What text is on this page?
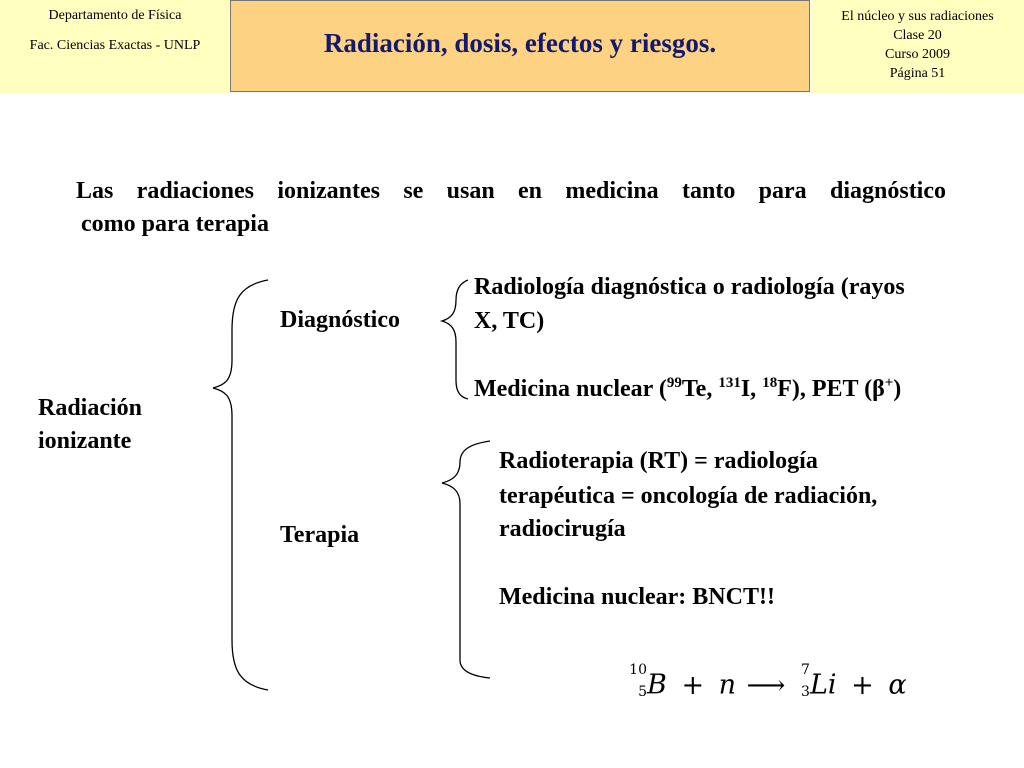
Departamento de Física
Fac. Ciencias Exactas - UNLP	Radiación, dosis, efectos y riesgos.
El núcleo y sus radiaciones
Clase 20
Curso 2009
Página 51
Las radiaciones ionizantes se usan en medicina tanto para diagnóstico
como para terapia
Radiación
ionizante
Diagnóstico
Radiología diagnóstica o radiología (rayos
X, TC)
Medicina nuclear ($^{99}$Te, $^{131}$I, $^{18}$F), PET (β+)
Terapia
Radioterapia (RT) = radiología
terapéutica = oncología de radiación,
radiocirugía
Medicina nuclear: BNCT!!
10
5 B + n ⟶ 7
3 Li + α
